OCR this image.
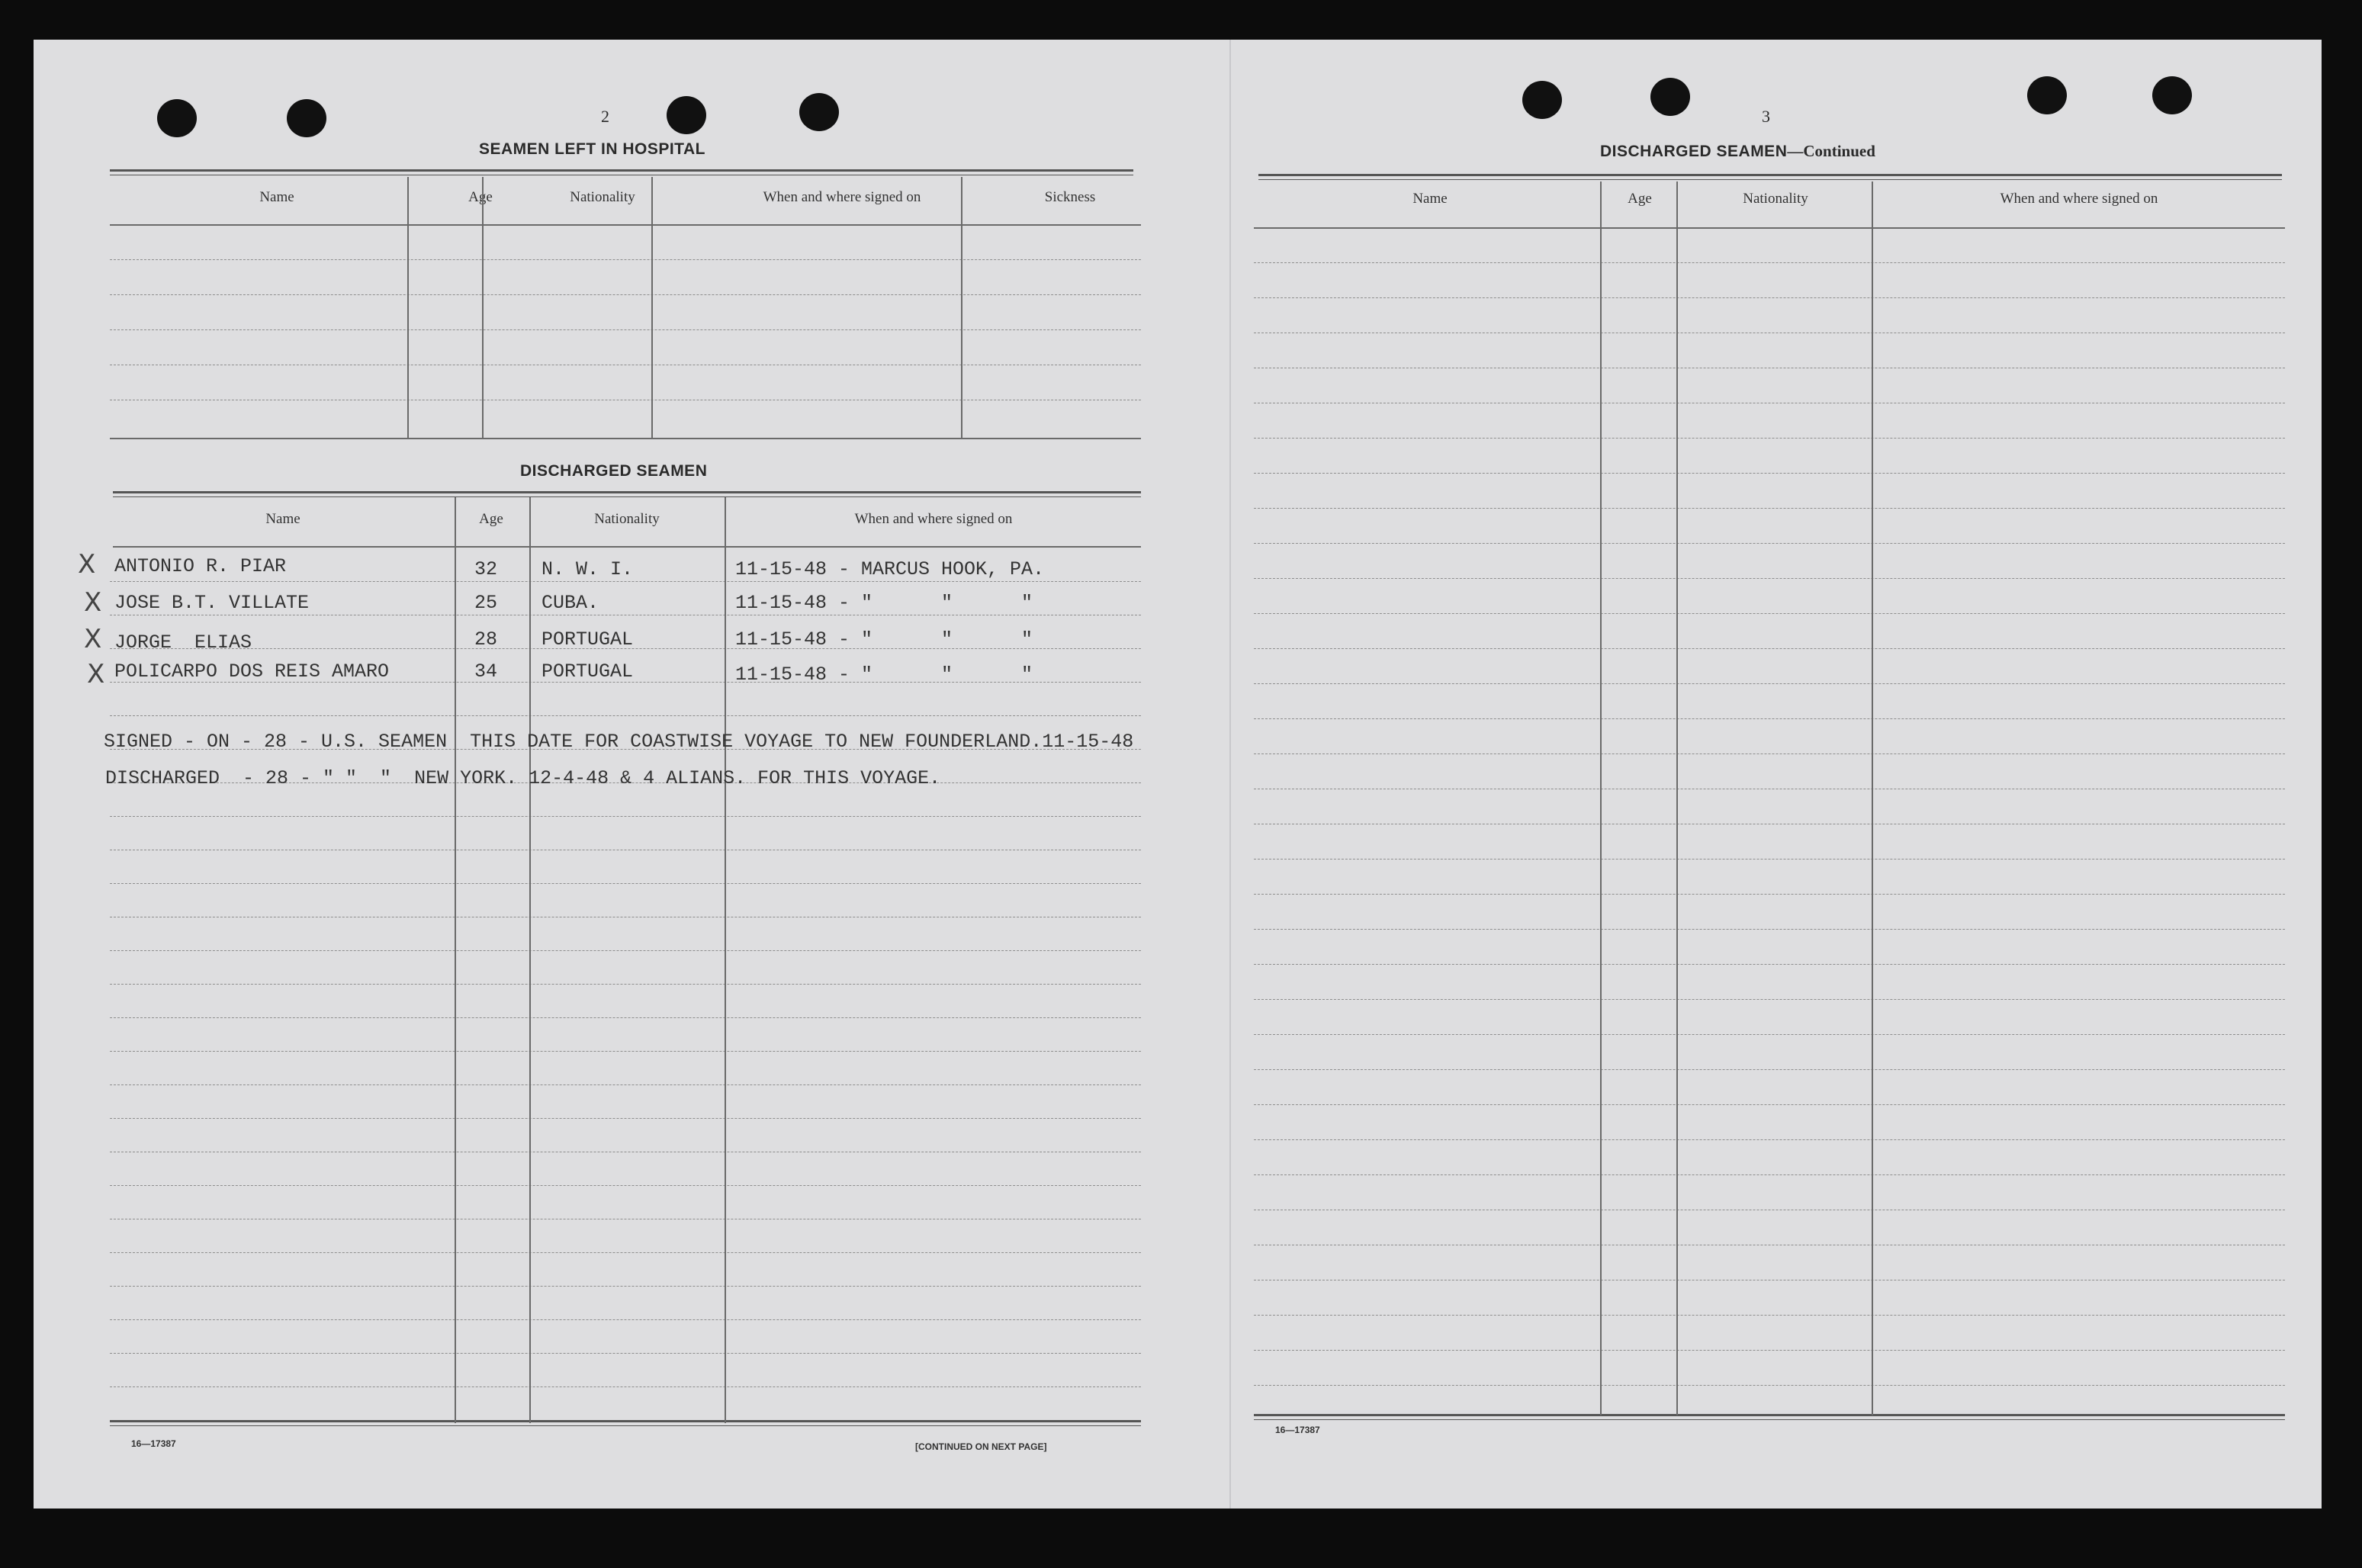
2
SEAMEN LEFT IN HOSPITAL
Name	Age	Nationality	When and where signed on	Sickness
DISCHARGED SEAMEN
Name	Age	Nationality	When and where signed on
X ANTONIO R. PIAR	32 N. W. I.	11-15-48 - MARCUS HOOK, PA.
X JOSE B.T. VILLATE	25 CUBA.	11-15-48 - "      "      "
X JORGE  ELIAS	28 PORTUGAL	11-15-48 - "      "      "
X POLICARPO DOS REIS AMARO	34 PORTUGAL	11-15-48 - "      "      "
SIGNED - ON - 28 - U.S. SEAMEN  THIS DATE FOR COASTWISE VOYAGE TO NEW FOUNDERLAND.11-15-48
DISCHARGED  - 28 - " "  "  NEW YORK. 12-4-48 & 4 ALIANS. FOR THIS VOYAGE.
16—17387	[CONTINUED ON NEXT PAGE]
3
DISCHARGED SEAMEN—Continued
Name	Age	Nationality	When and where signed on
16—17387
